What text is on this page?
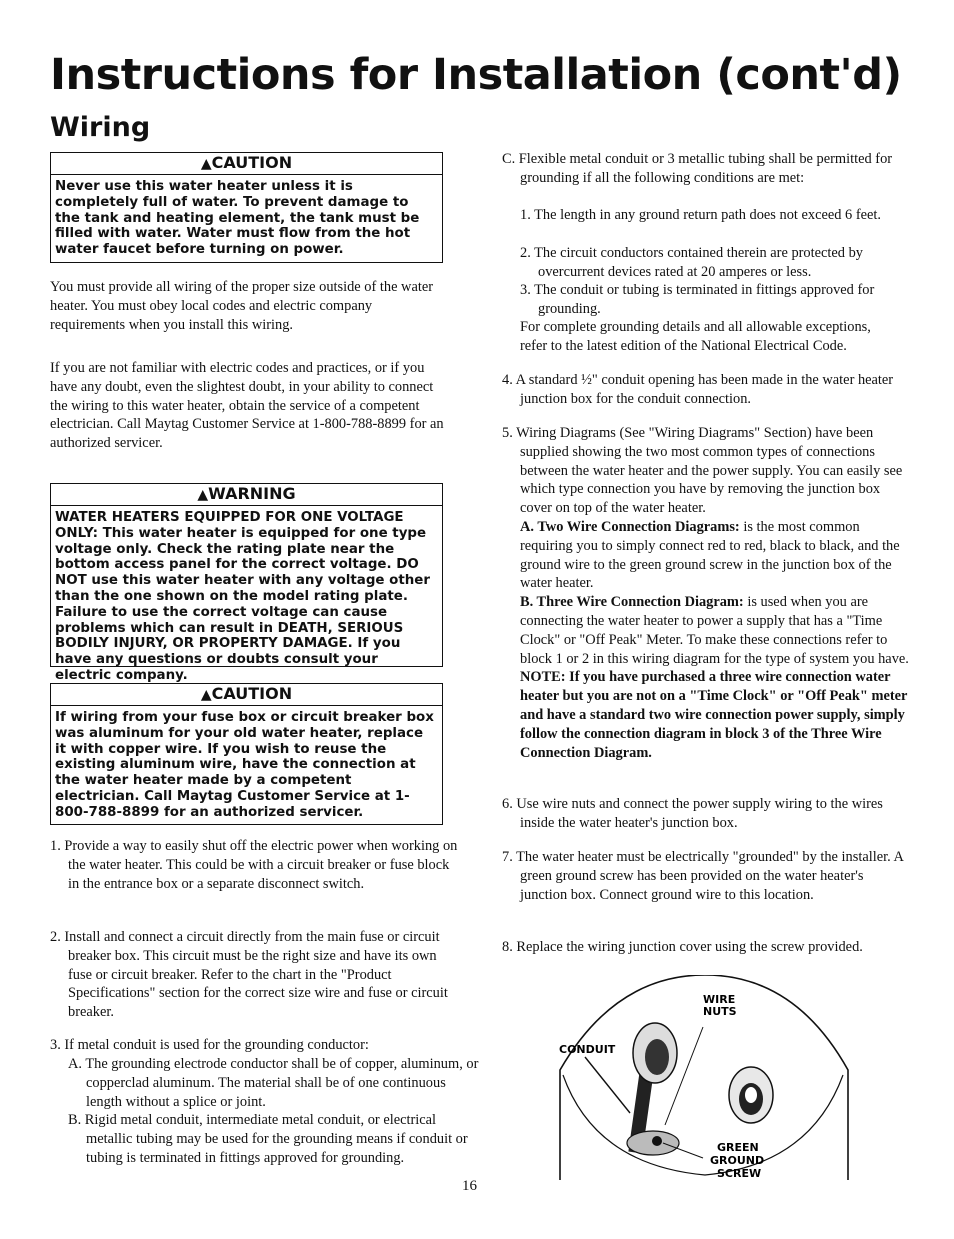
Instructions for Installation (cont'd)
Wiring
▲CAUTION
Never use this water heater unless it is completely full of water. To prevent damage to the tank and heating element, the tank must be filled with water. Water must flow from the hot water faucet before turning on power.

You must provide all wiring of the proper size outside of the water heater. You must obey local codes and electric company requirements when you install this wiring.

If you are not familiar with electric codes and practices, or if you have any doubt, even the slightest doubt, in your ability to connect the wiring to this water heater, obtain the service of a competent electrician. Call Maytag Customer Service at 1-800-788-8899 for an authorized servicer.

▲WARNING
WATER HEATERS EQUIPPED FOR ONE VOLTAGE ONLY: This water heater is equipped for one type voltage only. Check the rating plate near the bottom access panel for the correct voltage. DO NOT use this water heater with any voltage other than the one shown on the model rating plate. Failure to use the correct voltage can cause problems which can result in DEATH, SERIOUS BODILY INJURY, OR PROPERTY DAMAGE. If you have any questions or doubts consult your electric company.
▲CAUTION
If wiring from your fuse box or circuit breaker box was aluminum for your old water heater, replace it with copper wire. If you wish to reuse the existing aluminum wire, have the connection at the water heater made by a competent electrician. Call Maytag Customer Service at 1-800-788-8899 for an authorized servicer.

1. Provide a way to easily shut off the electric power when working on the water heater. This could be with a circuit breaker or fuse block in the entrance box or a separate disconnect switch.

2. Install and connect a circuit directly from the main fuse or circuit breaker box. This circuit must be the right size and have its own fuse or circuit breaker. Refer to the chart in the "Product Specifications" section for the correct size wire and fuse or circuit breaker.

3. If metal conduit is used for the grounding conductor:

A. The grounding electrode conductor shall be of copper, aluminum, or copperclad aluminum. The material shall be of one continuous length without a splice or joint.

B. Rigid metal conduit, intermediate metal conduit, or electrical metallic tubing may be used for the grounding means if conduit or tubing is terminated in fittings approved for grounding.

C. Flexible metal conduit or 3 metallic tubing shall be permitted for grounding if all the following conditions are met:

1. The length in any ground return path does not exceed 6 feet.

2. The circuit conductors contained therein are protected by overcurrent devices rated at 20 amperes or less.

3. The conduit or tubing is terminated in fittings approved for grounding.

For complete grounding details and all allowable exceptions, refer to the latest edition of the National Electrical Code.

4. A standard ½" conduit opening has been made in the water heater junction box for the conduit connection.

5. Wiring Diagrams (See "Wiring Diagrams" Section) have been supplied showing the two most common types of connections between the water heater and the power supply. You can easily see which type connection you have by removing the junction box cover on top of the water heater.
A. Two Wire Connection Diagrams: is the most common requiring you to simply connect red to red, black to black, and the ground wire to the green ground screw in the junction box of the water heater.
B. Three Wire Connection Diagram: is used when you are connecting the water heater to power a supply that has a "Time Clock" or "Off Peak" Meter. To make these connections refer to block 1 or 2 in this wiring diagram for the type of system you have.
NOTE: If you have purchased a three wire connection water heater but you are not on a "Time Clock" or "Off Peak" meter and have a standard two wire connection power supply, simply follow the connection diagram in block 3 of the Three Wire Connection Diagram.

6. Use wire nuts and connect the power supply wiring to the wires inside the water heater's junction box.

7. The water heater must be electrically "grounded" by the installer. A green ground screw has been provided on the water heater's junction box. Connect ground wire to this location.

8. Replace the wiring junction cover using the screw provided.

WIRE
NUTS
CONDUIT
GREEN
GROUND
SCREW
16
